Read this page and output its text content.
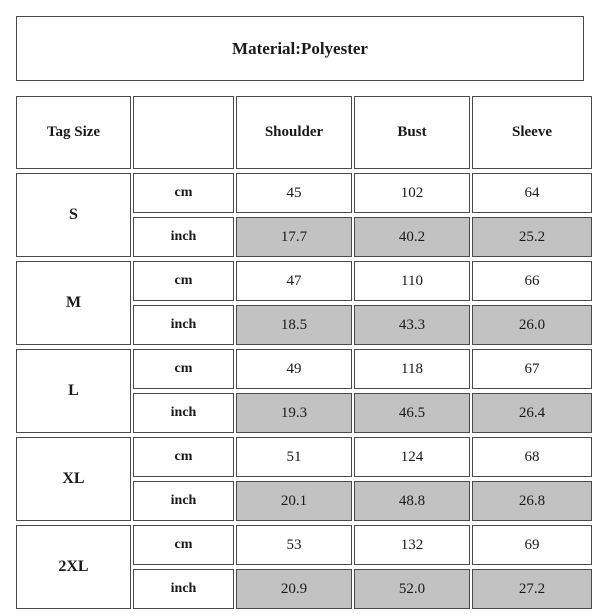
Material: Polyester
Tag Size	Shoulder	Bust	Sleeve
S
cm	45	102	64
inch	17.7	40.2	25.2
M
cm	47	110	66
inch	18.5	43.3	26.0
L
cm	49	118	67
inch	19.3	46.5	26.4
XL
cm	51	124	68
inch	20.1	48.8	26.8
2XL
cm	53	132	69
inch	20.9	52.0	27.2
